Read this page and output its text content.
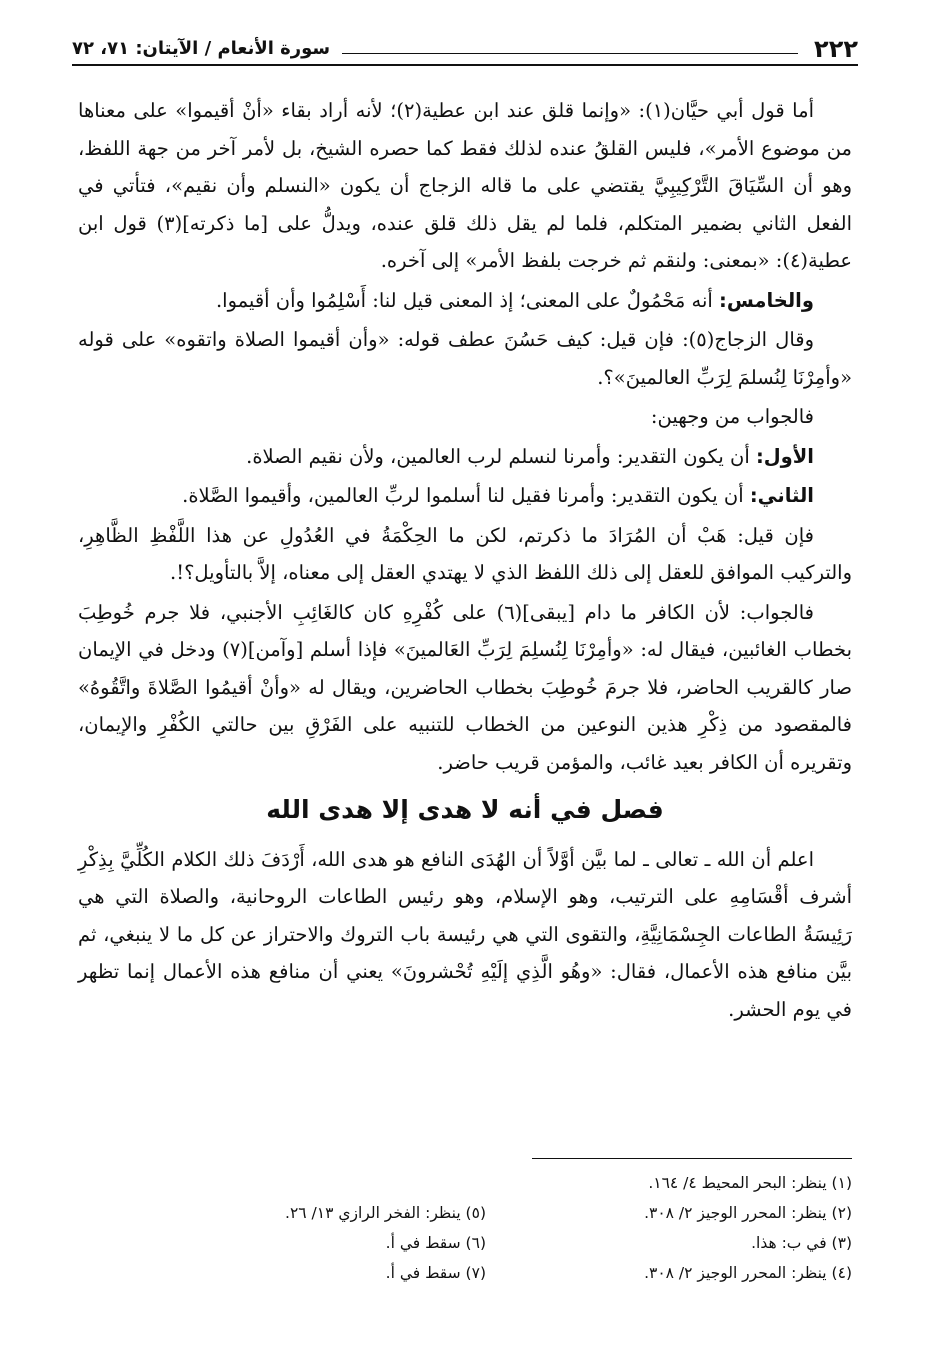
٢٢٢
سورة الأنعام / الآيتان: ٧١، ٧٢

أما قول أبي حيَّان(١): «وإنما قلق عند ابن عطية(٢)؛ لأنه أراد بقاء «أنْ أقيموا» على معناها من موضوع الأمر»، فليس القلقُ عنده لذلك فقط كما حصره الشيخ، بل لأمر آخر من جهة اللفظ، وهو أن السِّيَاقَ التَّرْكِيبِيَّ يقتضي على ما قاله الزجاج أن يكون «النسلم وأن نقيم»، فتأتي في الفعل الثاني بضمير المتكلم، فلما لم يقل ذلك قلق عنده، ويدلُّ على [ما ذكرته](٣) قول ابن عطية(٤): «بمعنى: ولنقم ثم خرجت بلفظ الأمر» إلى آخره.

والخامس: أنه مَحْمُولٌ على المعنى؛ إذ المعنى قيل لنا: أَسْلِمُوا وأن أقيموا.

وقال الزجاج(٥): فإن قيل: كيف حَسُنَ عطف قوله: «وأن أقيموا الصلاة واتقوه» على قوله «وأمِرْنَا لِنُسلمَ لِرَبِّ العالمينَ»؟.

فالجواب من وجهين:

الأول: أن يكون التقدير: وأمرنا لنسلم لرب العالمين، ولأن نقيم الصلاة.

الثاني: أن يكون التقدير: وأمرنا فقيل لنا أسلموا لربِّ العالمين، وأقيموا الصَّلاة.

فإن قيل: هَبْ أن المُرَادَ ما ذكرتم، لكن ما الحِكْمَةُ في العُدُولِ عن هذا اللَّفْظِ الظَّاهِرِ، والتركيب الموافق للعقل إلى ذلك اللفظ الذي لا يهتدي العقل إلى معناه، إلاَّ بالتأويل؟!.

فالجواب: لأن الكافر ما دام [يبقى](٦) على كُفْرِهِ كان كالغَائِبِ الأجنبي، فلا جرم خُوطِبَ بخطاب الغائبين، فيقال له: «وأمِرْنَا لِنُسلِمَ لِرَبِّ العَالمينَ» فإذا أسلم [وآمن](٧) ودخل في الإيمان صار كالقريب الحاضر، فلا جرمَ خُوطِبَ بخطاب الحاضرين، ويقال له «وأنْ أقيمُوا الصَّلاةَ واتَّقُوهُ» فالمقصود من ذِكْرِ هذين النوعين من الخطاب للتنبيه على الفَرْقِ بين حالتي الكُفْرِ والإيمان، وتقريره أن الكافر بعيد غائب، والمؤمن قريب حاضر.

فصل في أنه لا هدى إلا هدى الله

اعلم أن الله ـ تعالى ـ لما بيَّن أوَّلاً أن الهُدَى النافع هو هدى الله، أَرْدَفَ ذلك الكلام الكُلِّيَّ بِذِكْرِ أشرف أقْسَامِهِ على الترتيب، وهو الإسلام، وهو رئيس الطاعات الروحانية، والصلاة التي هي رَئِيسَةُ الطاعات الجِسْمَانِيَّةِ، والتقوى التي هي رئيسة باب التروك والاحتراز عن كل ما لا ينبغي، ثم بيَّن منافع هذه الأعمال، فقال: «وهُو الَّذِي إلَيْهِ تُحْشرونَ» يعني أن منافع هذه الأعمال إنما تظهر في يوم الحشر.

(١) ينظر: البحر المحيط ٤/ ١٦٤.
(٢) ينظر: المحرر الوجيز ٢/ ٣٠٨.
(٣) في ب: هذا.
(٤) ينظر: المحرر الوجيز ٢/ ٣٠٨.
(٥) ينظر: الفخر الرازي ١٣/ ٢٦.
(٦) سقط في أ.
(٧) سقط في أ.
